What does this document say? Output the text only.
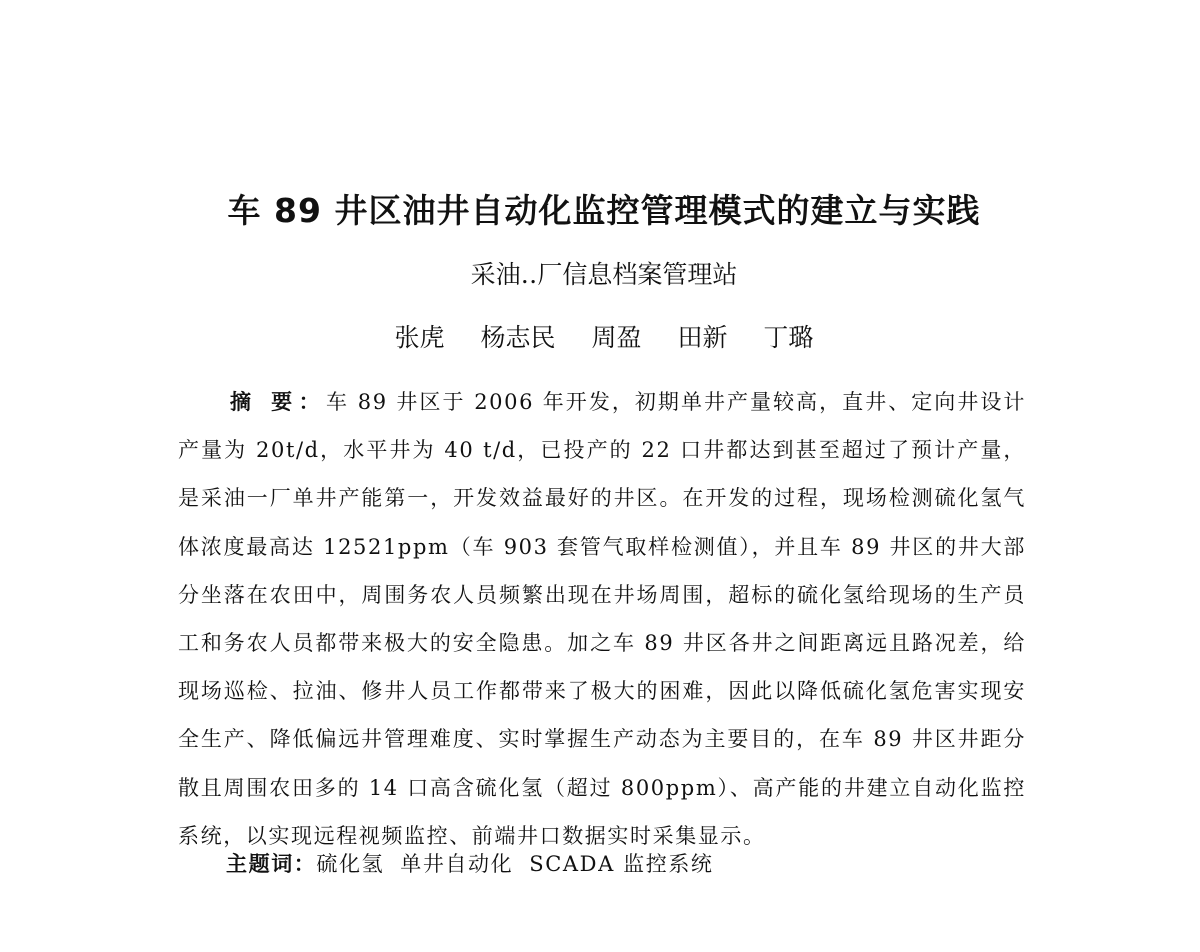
车 89 井区油井自动化监控管理模式的建立与实践
采油‥厂信息档案管理站
张虎 杨志民 周盈 田新 丁璐

摘 要：车 89 井区于 2006 年开发，初期单井产量较高，直井、定向井设计产量为 20t/d，水平井为 40 t/d，已投产的 22 口井都达到甚至超过了预计产量，是采油一厂单井产能第一，开发效益最好的井区。在开发的过程，现场检测硫化氢气体浓度最高达 12521ppm（车 903 套管气取样检测值），并且车 89 井区的井大部分坐落在农田中，周围务农人员频繁出现在井场周围，超标的硫化氢给现场的生产员工和务农人员都带来极大的安全隐患。加之车 89 井区各井之间距离远且路况差，给现场巡检、拉油、修井人员工作都带来了极大的困难，因此以降低硫化氢危害实现安全生产、降低偏远井管理难度、实时掌握生产动态为主要目的，在车 89 井区井距分散且周围农田多的 14 口高含硫化氢（超过 800ppm）、高产能的井建立自动化监控系统，以实现远程视频监控、前端井口数据实时采集显示。

主题词：硫化氢 单井自动化 SCADA 监控系统
